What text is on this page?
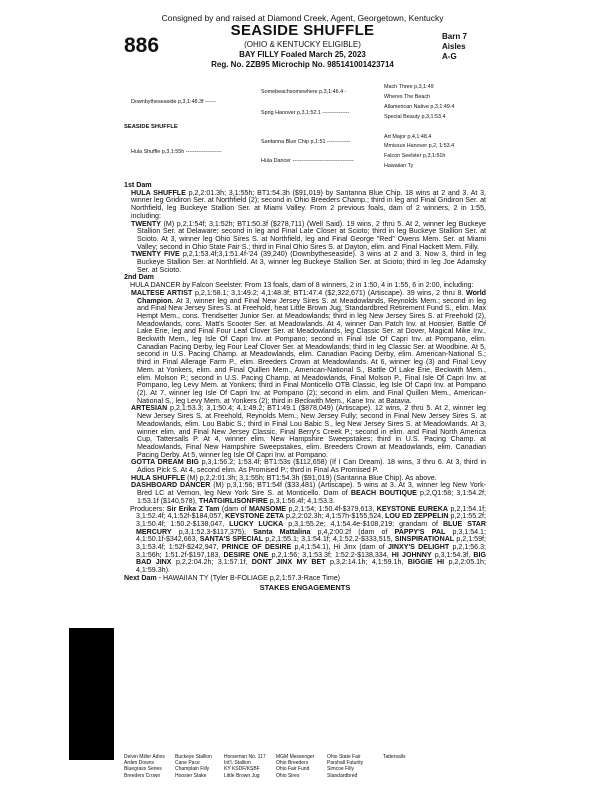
Consigned by and raised at Diamond Creek, Agent, Georgetown, Kentucky
886
SEASIDE SHUFFLE
(OHIO & KENTUCKY ELIGIBLE)
BAY FILLY Foaled March 25, 2023
Reg. No. 2ZB95 Microchip No. 985141001423714
Barn 7
Aisles
A-G
Mach Three p,3,1:49
Somebeachsomewhere p,3,1:46.4 -
Wheres The Beach
Downbytheseaside p,3,1:48.3f ------
Allamerican Native p,3,1:49.4
Sprig Hanover p,3,1:52.1 ---------------
Special Beauty p,3,1:53.4
SEASIDE SHUFFLE
Art Major p,4,1:48.4
Santanna Blue Chip p,1:51 -------------
Mmissus Hanover p,2, 1:53.4
Hula Shuffle p,3,1:55h --------------------
Falcon Seelster p,3,1:51h
Hula Dancer ----------------------------------
Hawaiian Ty

1st Dam

HULA SHUFFLE p,2,2:01.3h; 3,1:55h; BT1:54.3h ($91,019) by Santanna Blue Chip. 18 wins at 2 and 3. At 3, winner leg Gridiron Ser. at Northfield (2); second in Ohio Breeders Champ.; third in leg and Final Gridiron Ser. at Northfield, leg Buckeye Stallion Ser. at Miami Valley. From 2 previous foals, dam of 2 winners, 2 in 1:55, including:

TWENTY (M) p,2,1:54f; 3,1:52h; BT1:50.3f ($278,711) (Well Said). 19 wins, 2 thru 5. At 2, winner leg Buckeye Stallion Ser. at Delaware; second in leg and Final Late Closer at Scioto; third in leg Buckeye Stallion Ser. at Scioto. At 3, winner leg Ohio Sires S. at Northfield, leg and Final George "Red" Owens Mem. Ser. at Miami Valley; second in Ohio State Fair S.; third in Final Ohio Sires S. at Dayton, elim. and Final Hackett Mem. Filly.

TWENTY FIVE p,2,1:53.4f;3,1:51.4f-'24 (39,240) (Downbytheseaside). 3 wins at 2 and 3. Now 3, third in leg Buckeye Stallion Ser. at Northfield. At 3, winner leg Buckeye Stallion Ser. at Scioto; third in leg Joe Adamsky Ser. at Scioto.

2nd Dam

HULA DANCER by Falcon Seelster. From 13 foals, dam of 8 winners, 2 in 1:50, 4 in 1:55, 6 in 2:00, including:

MALTESE ARTIST p,2,1:58.1; 3,1:49.2; 4,1:48.3f; BT1:47.4 ($2,322,671) (Artiscape). 39 wins, 2 thru 8. World Champion. At 3, winner leg and Final New Jersey Sires S. at Meadowlands, Reynolds Mem.; second in leg and Final New Jersey Sires S. at Freehold, heat Little Brown Jug, Standardbred Retirement Fund S., elim. Max Hempt Mem., cons. Trendsetter Junior Ser. at Meadowlands; third in leg New Jersey Sires S. at Freehold (2), Meadowlands, cons. Matt's Scooter Ser. at Meadowlands. At 4, winner Dan Patch Inv. at Hoosier, Battle Of Lake Erie, leg and Final Four Leaf Clover Ser. at Meadowlands, leg Classic Ser. at Dover, Magical Mike Inv., Beckwith Mem., leg Isle Of Capri Inv. at Pompano; second in Final Isle Of Capri Inv. at Pompano, elim. Canadian Pacing Derby, leg Four Leaf Clover Ser. at Meadowlands; third in leg Classic Ser. at Woodbine. At 5, second in U.S. Pacing Champ. at Meadowlands, elim. Canadian Pacing Derby, elim. American-National S.; third in Final Allerage Farm P., elim. Breeders Crown at Meadowlands. At 6, winner leg (3) and Final Levy Mem. at Yonkers, elim. and Final Quillen Mem., American-National S., Battle Of Lake Erie, Beckwith Mem., elim. Molson P.; second in U.S. Pacing Champ. at Meadowlands, Final Molson P., Final Isle Of Capri Inv. at Pompano, leg Levy Mem. at Yonkers; third in Final Monticello OTB Classic, leg Isle Of Capri Inv. at Pompano (2). At 7, winner leg Isle Of Capri Inv. at Pompano (2); second in elim. and Final Quillen Mem., American-National S., leg Levy Mem. at Yonkers (2); third in Beckwith Mem., Kane Inv. at Batavia.

ARTESIAN p,2,1:53.3; 3,1:50.4; 4,1:49.2; BT1:49.1 ($878,049) (Artiscape). 12 wins, 2 thru 5. At 2, winner leg New Jersey Sires S. at Freehold, Reynolds Mem., New Jersey Fully; second in Final New Jersey Sires S. at Meadowlands, elim. Lou Babic S.; third in Final Lou Babic S., leg New Jersey Sires S. at Meadowlands. At 3, winner elim. and Final New Jersey Classic, Final Berry's Creek P.; second in elim. and Final North America Cup, Tattersalls P. At 4, winner elim. New Hampshire Sweepstakes; third in U.S. Pacing Champ. at Meadowlands, Final New Hampshire Sweepstakes, elim. Breeders Crown at Meadowlands, elim. Canadian Pacing Derby. At 5, winner leg Isle Of Capri Inv. at Pompano.

GOTTA DREAM BIG p,3,1:56.2; 1:53.4f; BT1:53s ($112,658) (If I Can Dream). 18 wins, 3 thru 6. At 3, third in Adios Pick S. At 4, second elim. As Promised P.; third in Final As Promised P.

HULA SHUFFLE (M) p,2,2:01.3h; 3,1:55h; BT1:54.3h ($91,019) (Santanna Blue Chip). As above.

DASHBOARD DANCER (M) p,3,1:56; BT1:54f ($33,481) (Artiscape). 5 wins at 3. At 3, winner leg New York-Bred LC at Vernon, leg New York Sire S. at Monticello. Dam of BEACH BOUTIQUE p,2,Q1:58; 3,1:54.2f; 1:53.1f ($140,578), THATGIRLISONFIRE p,3,1:56.4f; 4,1:53.3.

Producers: Sir Erika Z Tam (dam of MANSOME p,2,1:54; 1:50.4f-$379,613, KEYSTONE EUREKA p,2,1:54.1f; 3,1:52.4f; 4,1:52f-$184,057, KEYSTONE ZETA p,2,2:02.3h; 4,1:57h-$155,524, LOU ED ZEPPELIN p,2,1:55.2f; 3,1:50.4f; 1:50.2-$138,047, LUCKY LUCKA p,3,1:55.2e; 4,1:54.4e-$108,219; grandam of BLUE STAR MERCURY p,3,1:52.3-$117,375), Santa Mattalina p,4,2:00.2f (dam of PAPPY'S PAL p,3,1:54.1; 4,1:50.1f-$342,663, SANTA'S SPECIAL p,2,1:55.1; 3,1:54.1f; 4,1:52.2-$333,515, SINSPIRATIONAL p,2,1:59f; 3,1:53.4f; 1:52f-$242,947, PRINCE OF DESIRE p,4,1:54.1), Hi Jinx (dam of JINXY'S DELIGHT p,2,1:56.3; 3,1:56h; 1:51.2f-$197,183, DESIRE ONE p,2,1:56; 3,1:53.3f; 1:52.2-$138,334, HI JOHNNY p,3,1:54.3f, BIG BAD JINX p,2,2:04.2h; 3,1:57.1f, DONT JINX MY BET p,3,2:14.1h; 4,1:59.1h, BIGGIE HI p,2,2:05.1h; 4,1:59.3h).

Next Dam - HAWAIIAN TY (Tyler B-FOLIAGE p,2,1:57.3-Race Time)

STAKES ENGAGEMENTS
Delvin Miller Adios	Buckeye Stallion	Horseman No. 117	MGM Messenger	Ohio State Fair	Tattersalls
Arden Downs	Cane Pace	Int'l. Stallion	Ohio Breeders	Parshall Futurity
Bluegrass Series	Champlain Filly	KY KSDF/KSBF	Ohio Fair Fund	Simcoe Filly
Breeders Crown	Hoosier Stake	Little Brown Jug	Ohio Sires	Standardbred
